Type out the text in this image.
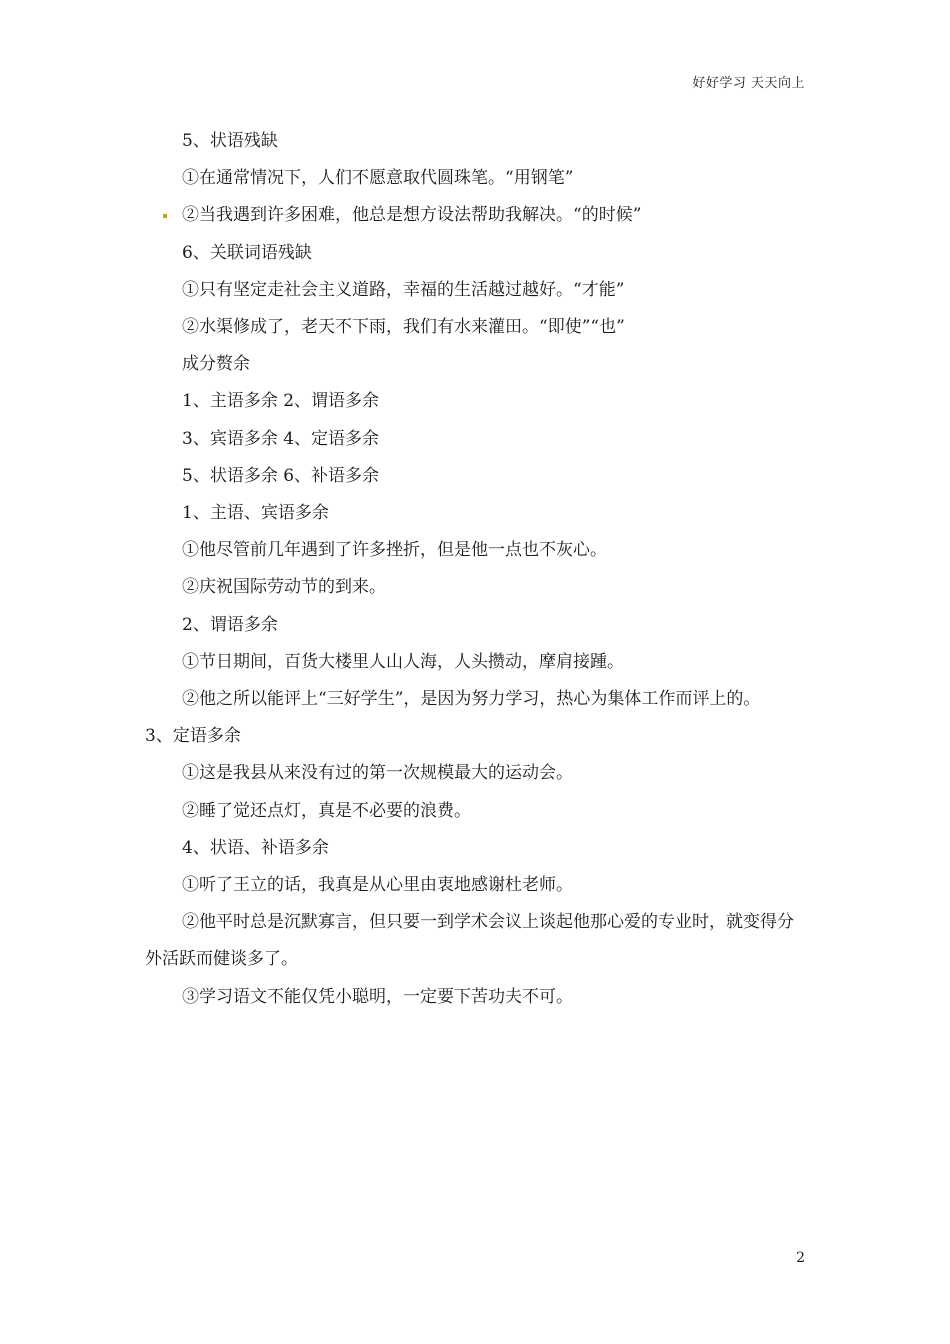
好好学习 天天向上
5、状语残缺
①在通常情况下，人们不愿意取代圆珠笔。“用钢笔”
②当我遇到许多困难，他总是想方设法帮助我解决。“的时候”
6、关联词语残缺
①只有坚定走社会主义道路，幸福的生活越过越好。“才能”
②水渠修成了，老天不下雨，我们有水来灌田。“即使”“也”
成分赘余
1、主语多余 2、谓语多余
3、宾语多余 4、定语多余
5、状语多余 6、补语多余
1、主语、宾语多余
①他尽管前几年遇到了许多挫折，但是他一点也不灰心。
②庆祝国际劳动节的到来。
2、谓语多余
①节日期间，百货大楼里人山人海，人头攒动，摩肩接踵。
②他之所以能评上“三好学生”，是因为努力学习，热心为集体工作而评上的。
3、定语多余
①这是我县从来没有过的第一次规模最大的运动会。
②睡了觉还点灯，真是不必要的浪费。
4、状语、补语多余
①听了王立的话，我真是从心里由衷地感谢杜老师。
②他平时总是沉默寡言，但只要一到学术会议上谈起他那心爱的专业时，就变得分外活跃而健谈多了。
③学习语文不能仅凭小聪明，一定要下苦功夫不可。
2
